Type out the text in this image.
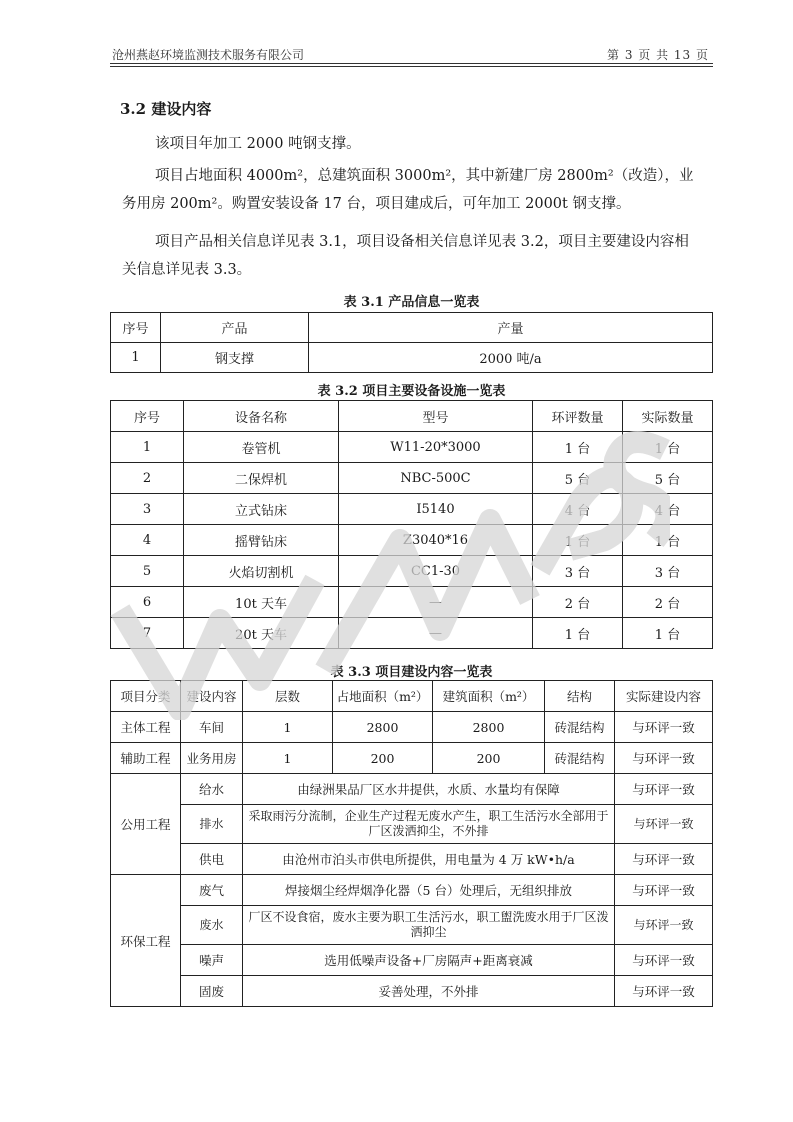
沧州燕赵环境监测技术服务有限公司	第 3 页 共 13 页
3.2 建设内容
该项目年加工 2000 吨钢支撑。
项目占地面积 4000m²，总建筑面积 3000m²，其中新建厂房 2800m²（改造），业务用房 200m²。购置安装设备 17 台，项目建成后，可年加工 2000t 钢支撑。
项目产品相关信息详见表 3.1，项目设备相关信息详见表 3.2，项目主要建设内容相关信息详见表 3.3。
表 3.1 产品信息一览表
序号	产品	产量
1	钢支撑	2000 吨/a
表 3.2 项目主要设备设施一览表
序号	设备名称	型号	环评数量	实际数量
1	卷管机	W11-20*3000	1 台	1 台
2	二保焊机	NBC-500C	5 台	5 台
3	立式钻床	I5140	4 台	4 台
4	摇臂钻床	Z3040*16	1 台	1 台
5	火焰切割机	CC1-30	3 台	3 台
6	10t 天车	—	2 台	2 台
7	20t 天车	—	1 台	1 台
表 3.3 项目建设内容一览表
项目分类	建设内容	层数	占地面积（m²）	建筑面积（m²）	结构	实际建设内容
主体工程	车间	1	2800	2800	砖混结构	与环评一致
辅助工程	业务用房	1	200	200	砖混结构	与环评一致
公用工程	给水	由绿洲果品厂区水井提供，水质、水量均有保障				与环评一致
	排水	采取雨污分流制，企业生产过程无废水产生，职工生活污水全部用于厂区泼洒抑尘，不外排				与环评一致
	供电	由沧州市泊头市供电所提供，用电量为 4 万 kW•h/a				与环评一致
环保工程	废气	焊接烟尘经焊烟净化器（5 台）处理后，无组织排放				与环评一致
	废水	厂区不设食宿，废水主要为职工生活污水，职工盥洗废水用于厂区泼洒抑尘				与环评一致
	噪声	选用低噪声设备+厂房隔声+距离衰减				与环评一致
	固废	妥善处理，不外排				与环评一致
